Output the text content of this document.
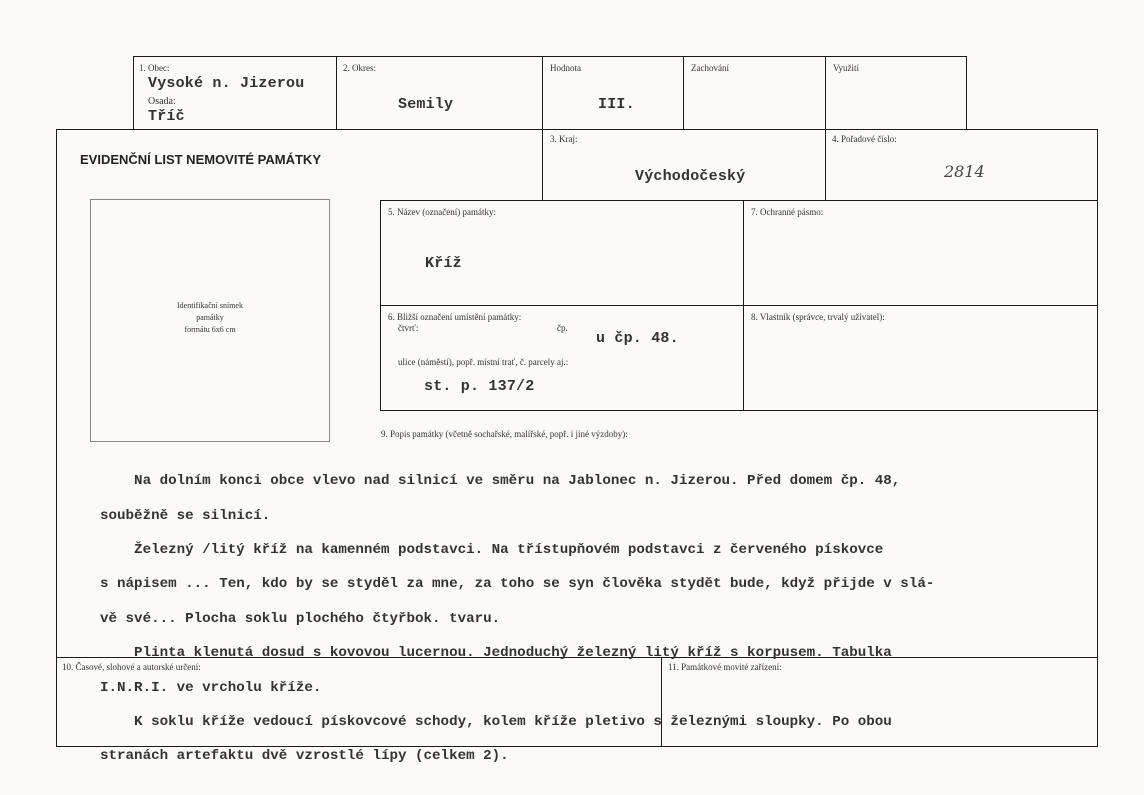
1. Obec:
Vysoké n. Jizerou
Osada:
Tříč
2. Okres:
Semily
Hodnota
III.
Zachování	Využití
EVIDENČNÍ LIST NEMOVITÉ PAMÁTKY
3. Kraj:
Východočeský
4. Pořadové číslo:
2814
Identifikační snímek
památky
formátu 6x6 cm
5. Název (označení) památky:
Kříž
7. Ochranné pásmo:
6. Bližší označení umístění památky:
čtvrť:	čp.
u čp. 48.
ulice (náměstí), popř. místní trať, č. parcely aj.:
st. p. 137/2
8. Vlastník (správce, trvalý uživatel):
9. Popis památky (včetně sochařské, malířské, popř. i jiné výzdoby):

Na dolním konci obce vlevo nad silnicí ve směru na Jablonec n. Jizerou. Před domem čp. 48,

souběžně se silnicí.

Železný /litý kříž na kamenném podstavci. Na třístupňovém podstavci z červeného pískovce

s nápisem ... Ten, kdo by se styděl za mne, za toho se syn člověka stydět bude, když přijde v slá-

vě své... Plocha soklu plochého čtyřbok. tvaru.

Plinta klenutá dosud s kovovou lucernou. Jednoduchý železný litý kříž s korpusem. Tabulka

I.N.R.I. ve vrcholu kříže.

K soklu kříže vedoucí pískovcové schody, kolem kříže pletivo s železnými sloupky. Po obou

stranách artefaktu dvě vzrostlé lípy (celkem 2).

10. Časové, slohové a autorské určení:	11. Památkové movité zařízení:
